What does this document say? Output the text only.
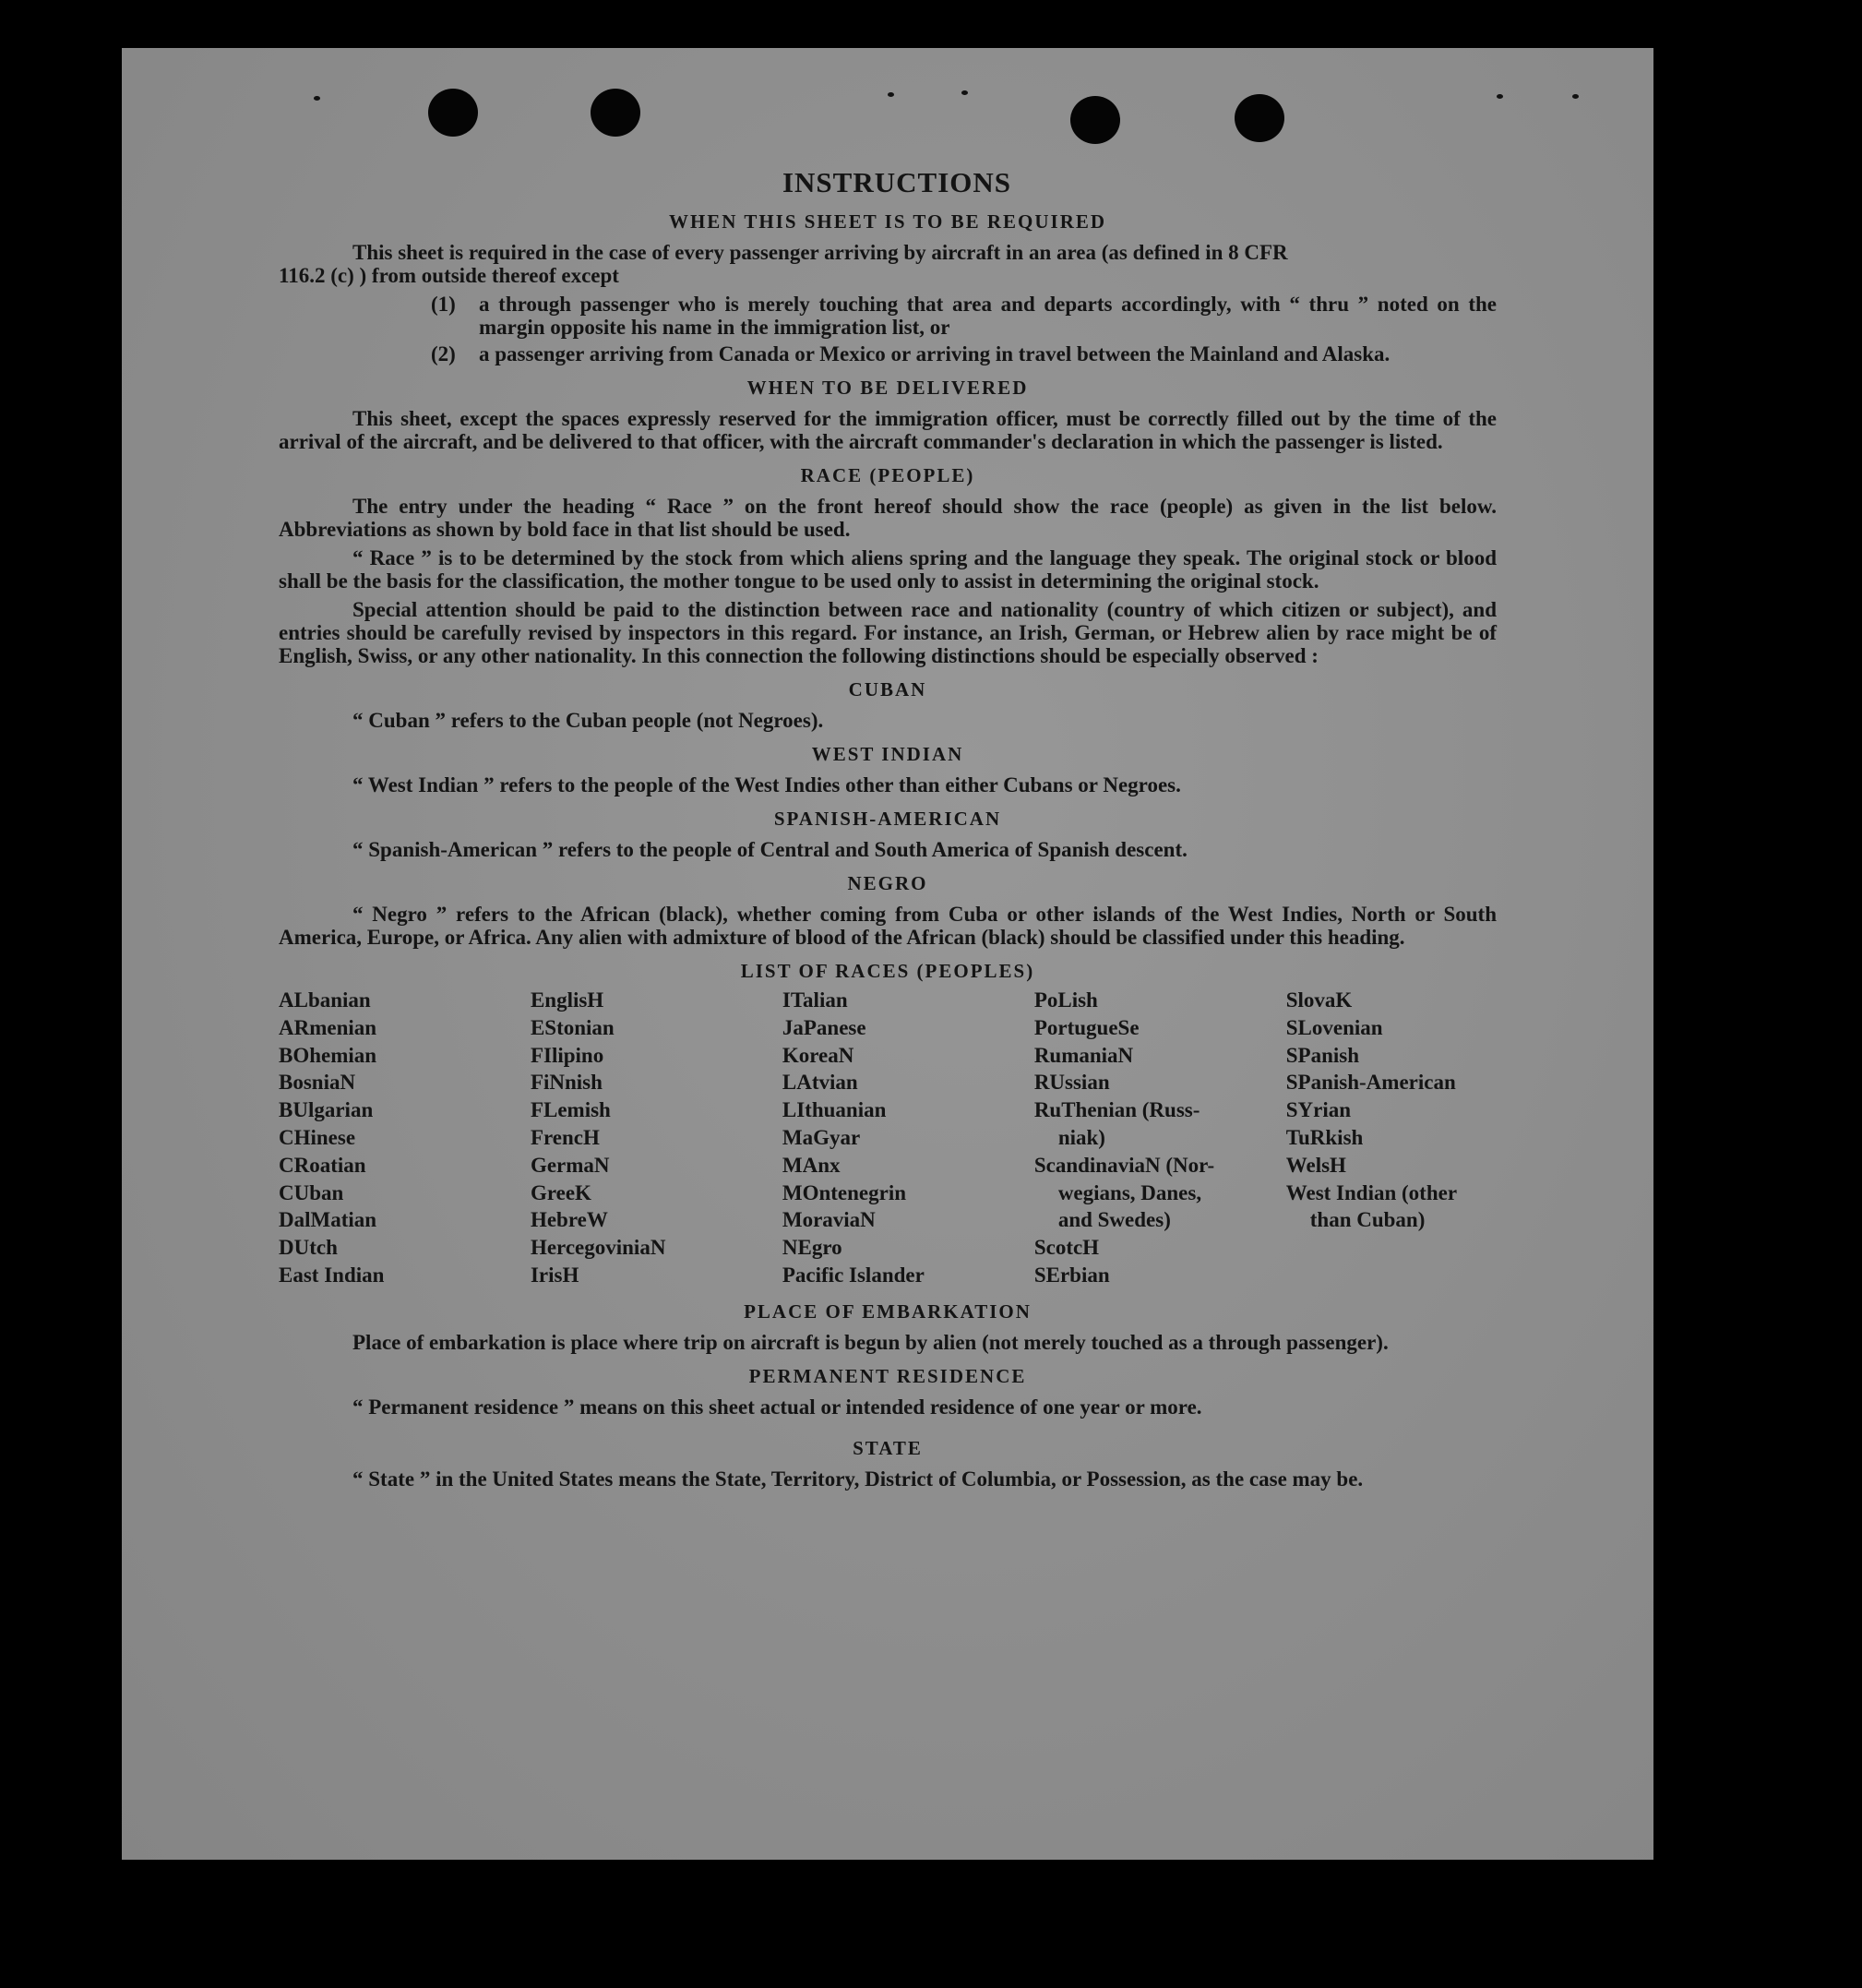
INSTRUCTIONS
WHEN THIS SHEET IS TO BE REQUIRED
This sheet is required in the case of every passenger arriving by aircraft in an area (as defined in 8 CFR
116.2 (c) ) from outside thereof except
(1)	a through passenger who is merely touching that area and departs accordingly, with “ thru ” noted on the margin opposite his name in the immigration list, or
(2)	a passenger arriving from Canada or Mexico or arriving in travel between the Mainland and Alaska.
WHEN TO BE DELIVERED
This sheet, except the spaces expressly reserved for the immigration officer, must be correctly filled out by the time of the arrival of the aircraft, and be delivered to that officer, with the aircraft commander's declaration in which the passenger is listed.
RACE (PEOPLE)
The entry under the heading “ Race ” on the front hereof should show the race (people) as given in the list below. Abbreviations as shown by bold face in that list should be used.
“ Race ” is to be determined by the stock from which aliens spring and the language they speak. The original stock or blood shall be the basis for the classification, the mother tongue to be used only to assist in determining the original stock.
Special attention should be paid to the distinction between race and nationality (country of which citizen or subject), and entries should be carefully revised by inspectors in this regard. For instance, an Irish, German, or Hebrew alien by race might be of English, Swiss, or any other nationality. In this connection the following distinctions should be especially observed :
CUBAN
“ Cuban ” refers to the Cuban people (not Negroes).
WEST INDIAN
“ West Indian ” refers to the people of the West Indies other than either Cubans or Negroes.
SPANISH-AMERICAN
“ Spanish-American ” refers to the people of Central and South America of Spanish descent.
NEGRO
“ Negro ” refers to the African (black), whether coming from Cuba or other islands of the West Indies, North or South America, Europe, or Africa. Any alien with admixture of blood of the African (black) should be classified under this heading.
LIST OF RACES (PEOPLES)
ALbanian
ARmenian
BOhemian
BosniaN
BUlgarian
CHinese
CRoatian
CUban
DalMatian
DUtch
East Indian
EnglisH
EStonian
FIlipino
FiNnish
FLemish
FrencH
GermaN
GreeK
HebreW
HercegoviniaN
IrisH
ITalian
JaPanese
KoreaN
LAtvian
LIthuanian
MaGyar
MAnx
MOntenegrin
MoraviaN
NEgro
Pacific Islander
PoLish
PortugueSe
RumaniaN
RUssian
RuThenian (Russ-
niak)
ScandinaviaN (Nor-
wegians, Danes,
and Swedes)
ScotcH
SErbian
SlovaK
SLovenian
SPanish
SPanish-American
SYrian
TuRkish
WelsH
West Indian (other
than Cuban)
PLACE OF EMBARKATION
Place of embarkation is place where trip on aircraft is begun by alien (not merely touched as a through passenger).
PERMANENT RESIDENCE
“ Permanent residence ” means on this sheet actual or intended residence of one year or more.
STATE
“ State ” in the United States means the State, Territory, District of Columbia, or Possession, as the case may be.
